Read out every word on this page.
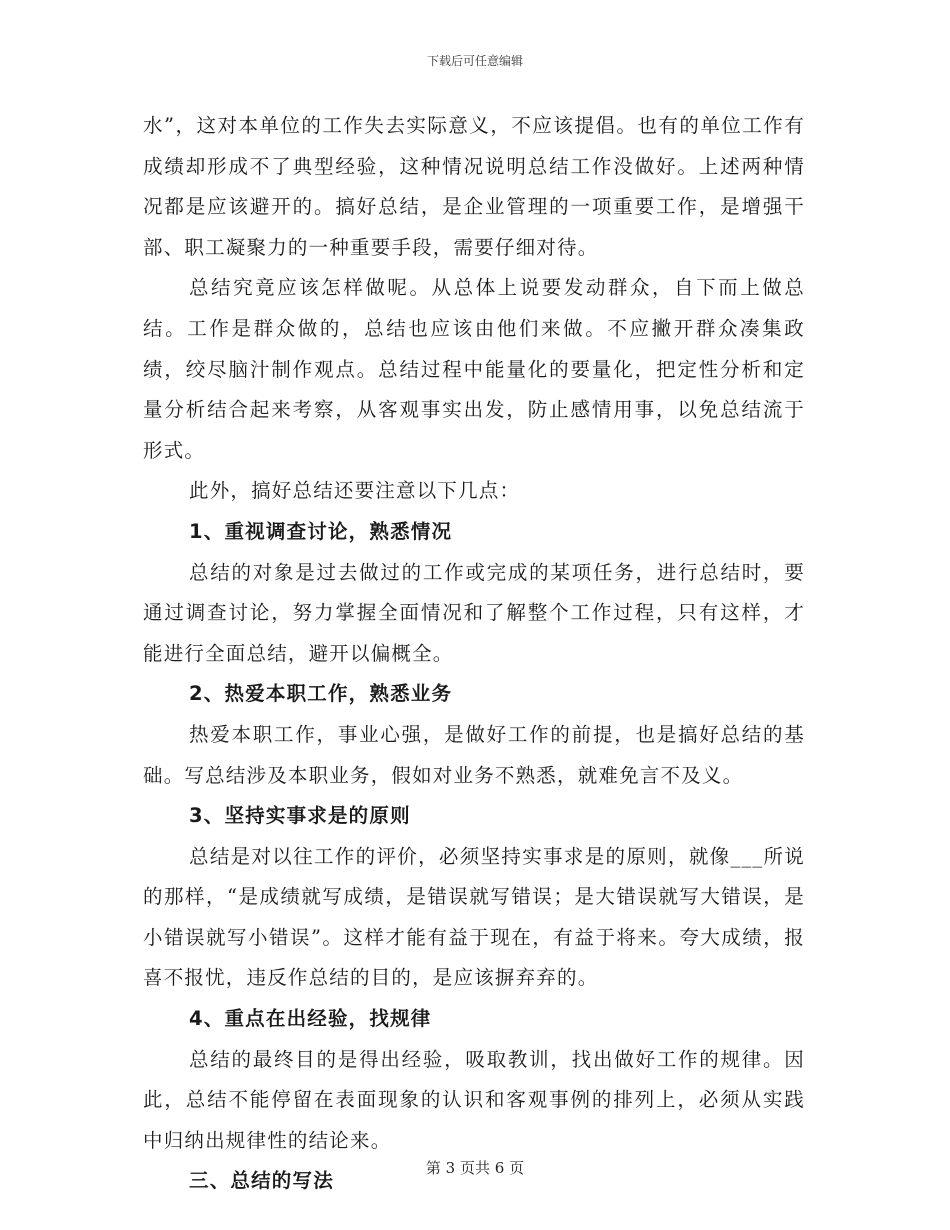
下载后可任意编辑

水”，这对本单位的工作失去实际意义，不应该提倡。也有的单位工作有成绩却形成不了典型经验，这种情况说明总结工作没做好。上述两种情况都是应该避开的。搞好总结，是企业管理的一项重要工作，是增强干部、职工凝聚力的一种重要手段，需要仔细对待。

总结究竟应该怎样做呢。从总体上说要发动群众，自下而上做总结。工作是群众做的，总结也应该由他们来做。不应撇开群众凑集政绩，绞尽脑汁制作观点。总结过程中能量化的要量化，把定性分析和定量分析结合起来考察，从客观事实出发，防止感情用事，以免总结流于形式。

此外，搞好总结还要注意以下几点：

1、重视调查讨论，熟悉情况

总结的对象是过去做过的工作或完成的某项任务，进行总结时，要通过调查讨论，努力掌握全面情况和了解整个工作过程，只有这样，才能进行全面总结，避开以偏概全。

2、热爱本职工作，熟悉业务

热爱本职工作，事业心强，是做好工作的前提，也是搞好总结的基础。写总结涉及本职业务，假如对业务不熟悉，就难免言不及义。

3、坚持实事求是的原则

总结是对以往工作的评价，必须坚持实事求是的原则，就像___所说的那样，“是成绩就写成绩，是错误就写错误；是大错误就写大错误，是小错误就写小错误”。这样才能有益于现在，有益于将来。夸大成绩，报喜不报忧，违反作总结的目的，是应该摒弃弃的。

4、重点在出经验，找规律

总结的最终目的是得出经验，吸取教训，找出做好工作的规律。因此，总结不能停留在表面现象的认识和客观事例的排列上，必须从实践中归纳出规律性的结论来。

三、总结的写法

第 3 页共 6 页
